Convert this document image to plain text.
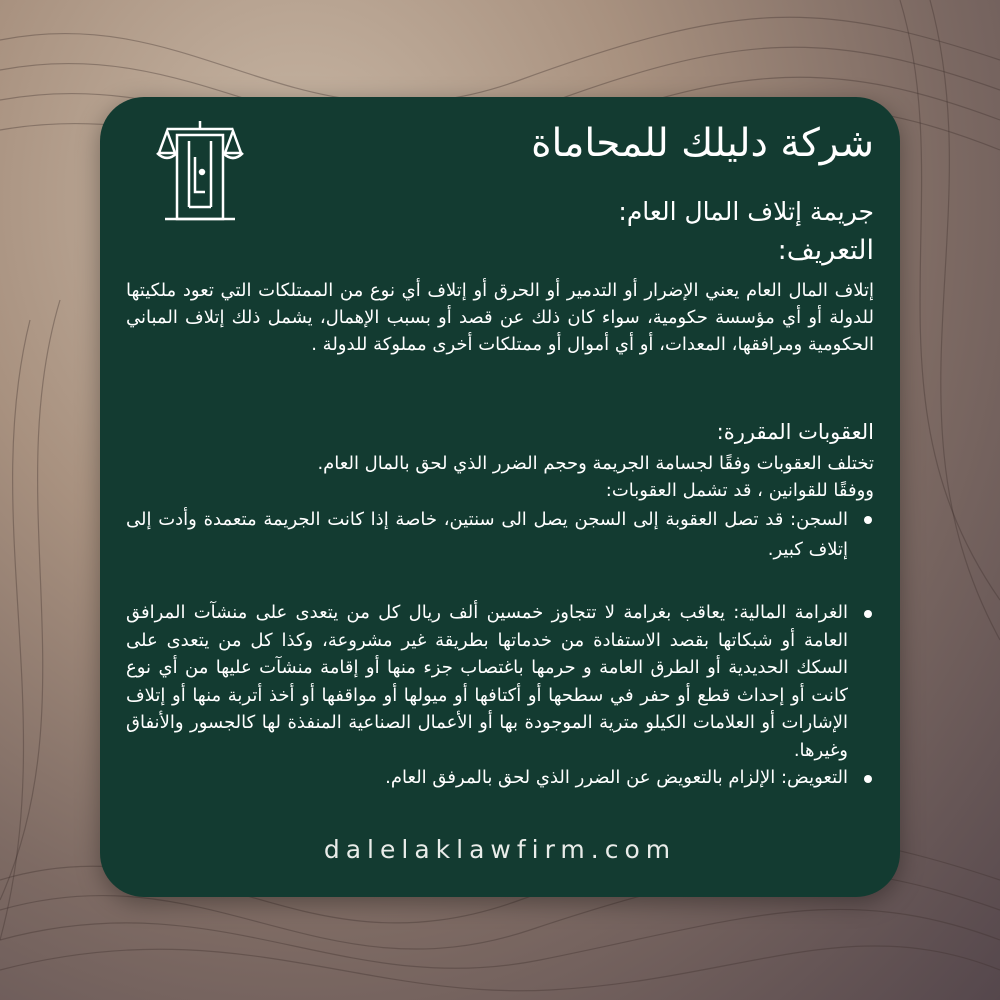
شركة دليلك للمحاماة
جريمة إتلاف المال العام:
التعريف:
إتلاف المال العام يعني الإضرار أو التدمير أو الحرق أو إتلاف أي نوع من الممتلكات التي تعود ملكيتها للدولة أو أي مؤسسة حكومية، سواء كان ذلك عن قصد أو بسبب الإهمال، يشمل ذلك إتلاف المباني الحكومية ومرافقها، المعدات، أو أي أموال أو ممتلكات أخرى مملوكة للدولة .
العقوبات المقررة:
تختلف العقوبات وفقًا لجسامة الجريمة وحجم الضرر الذي لحق بالمال العام.
ووفقًا للقوانين ، قد تشمل العقوبات:
السجن: قد تصل العقوبة إلى السجن يصل الى سنتين، خاصة إذا كانت الجريمة متعمدة وأدت إلى إتلاف كبير.
الغرامة المالية: يعاقب بغرامة لا تتجاوز خمسين ألف ريال كل من يتعدى على منشآت المرافق العامة أو شبكاتها بقصد الاستفادة من خدماتها بطريقة غير مشروعة، وكذا كل من يتعدى على السكك الحديدية أو الطرق العامة و حرمها باغتصاب جزء منها أو إقامة منشآت عليها من أي نوع كانت أو إحداث قطع أو حفر في سطحها أو أكتافها أو ميولها أو مواقفها أو أخذ أتربة منها أو إتلاف الإشارات أو العلامات الكيلو مترية الموجودة بها أو الأعمال الصناعية المنفذة لها كالجسور والأنفاق وغيرها.
التعويض: الإلزام بالتعويض عن الضرر الذي لحق بالمرفق العام.
dalelaklawfirm.com
